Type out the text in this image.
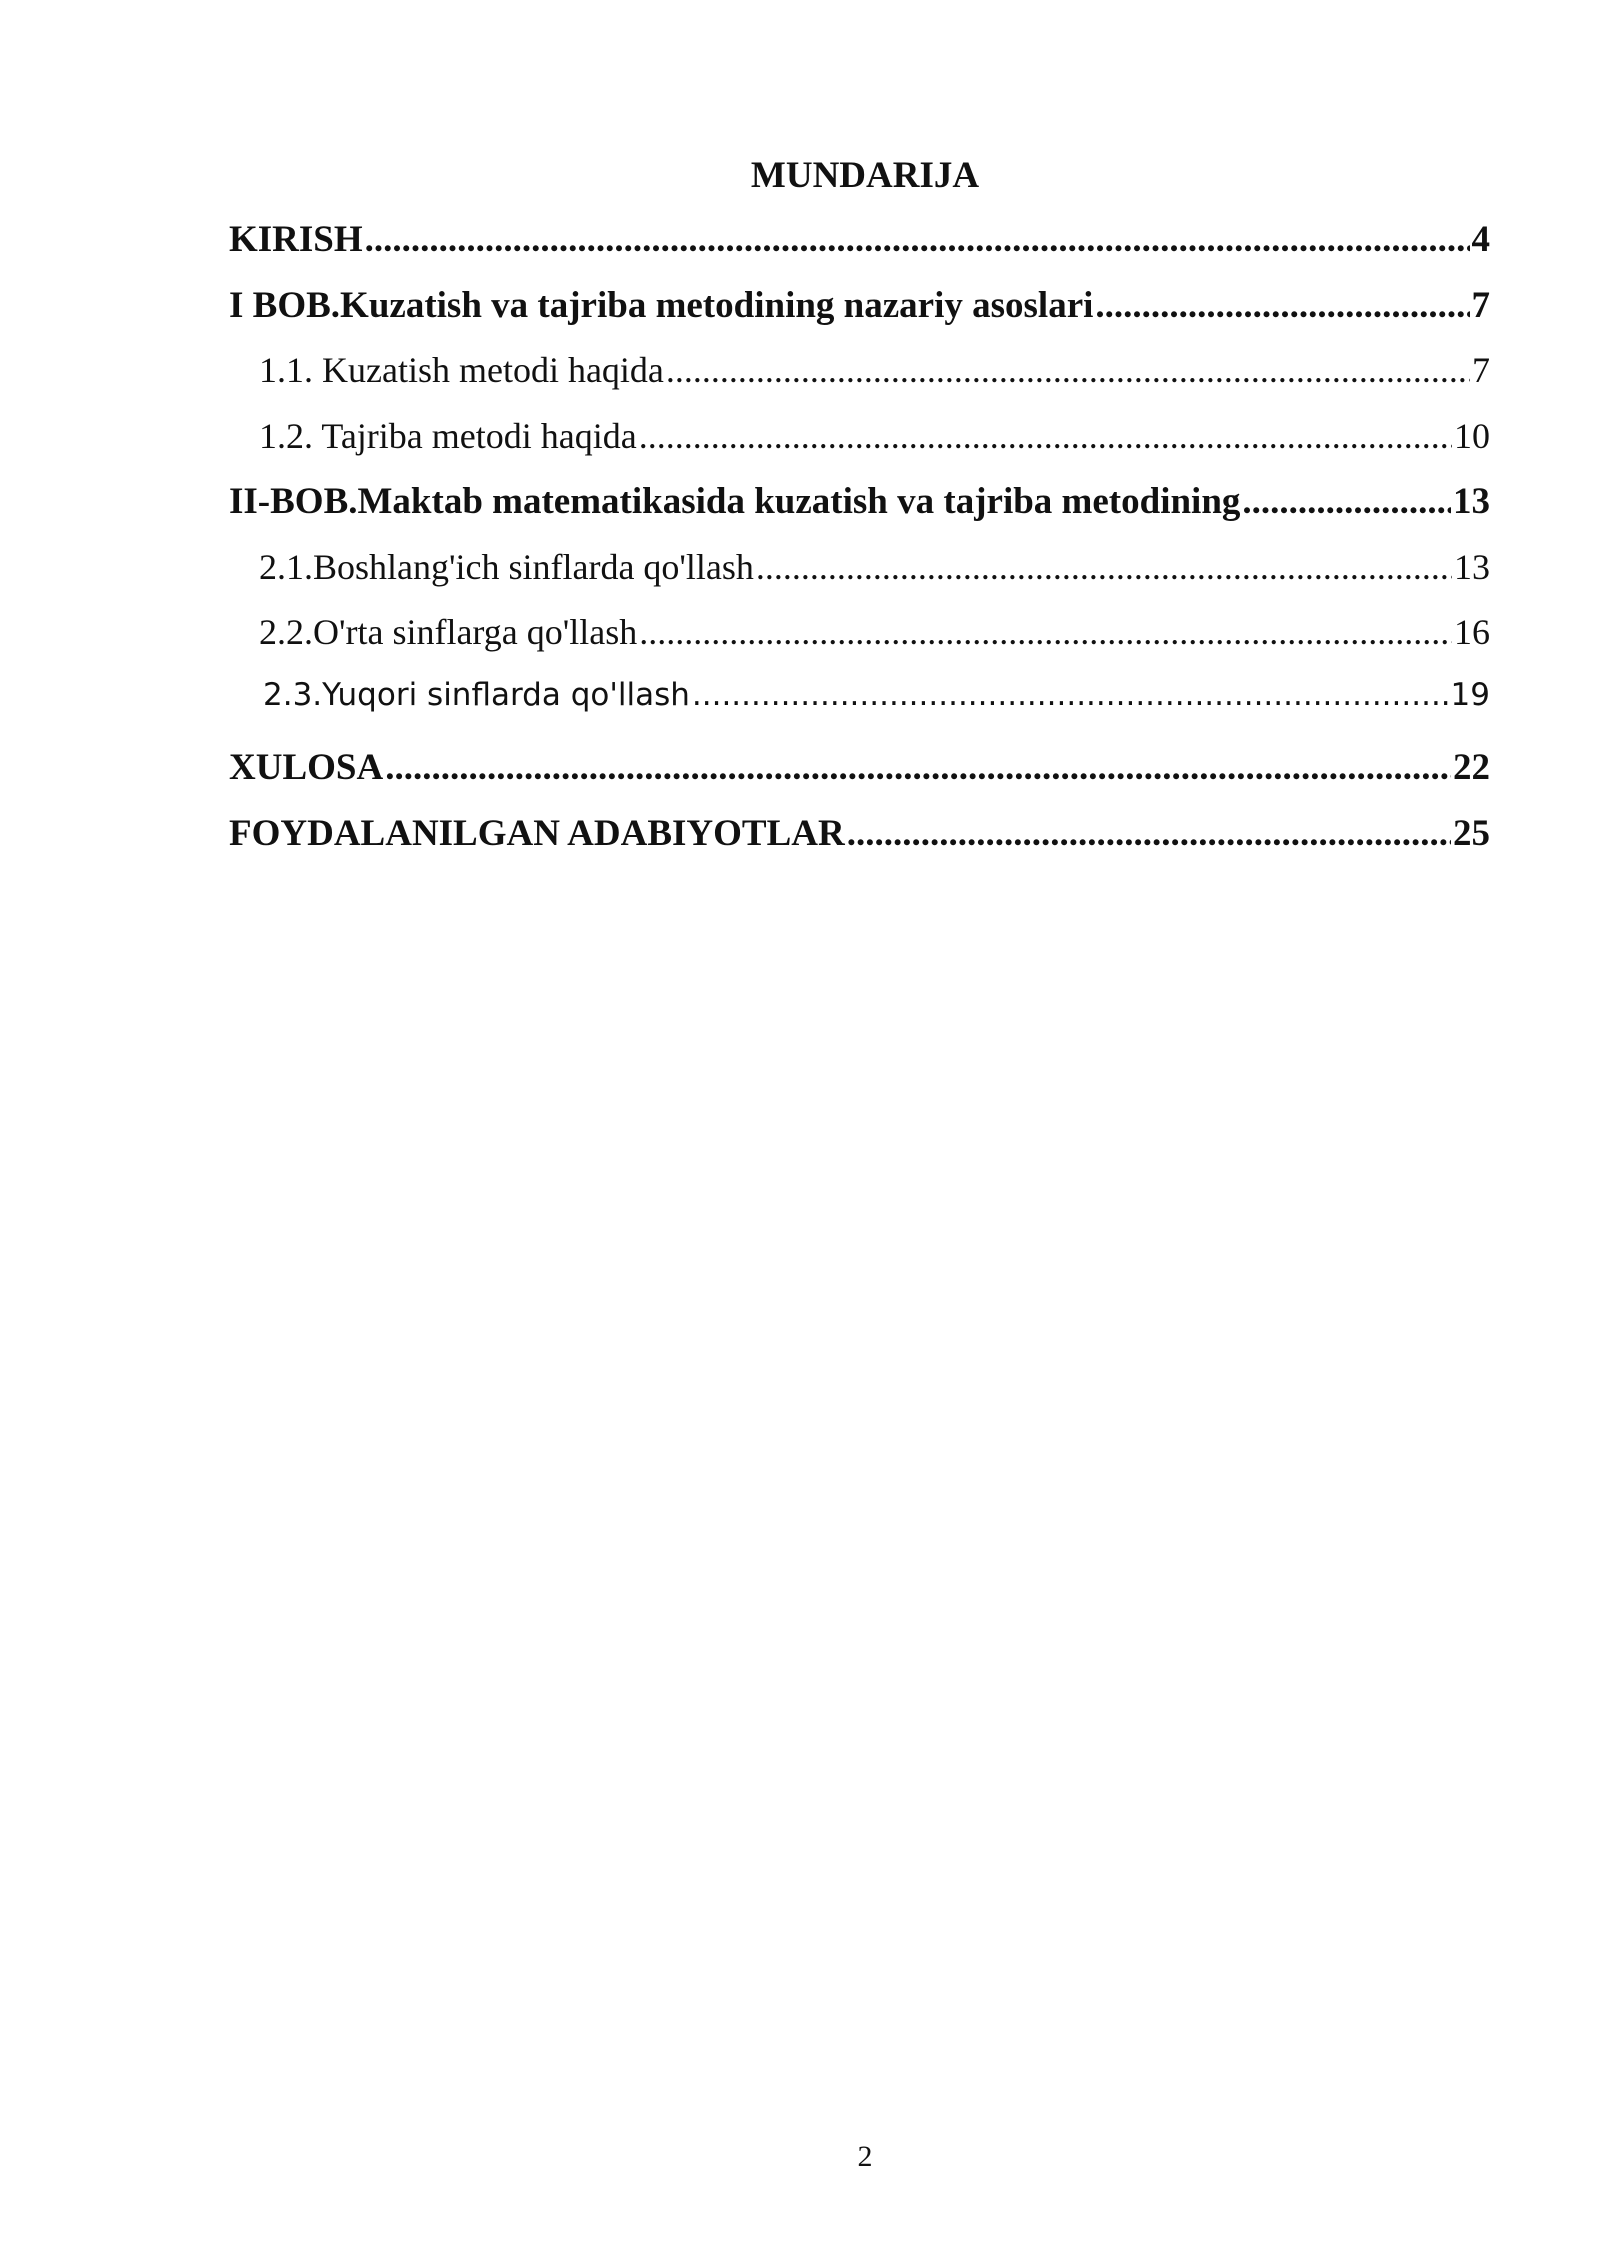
MUNDARIJA
KIRISH .....	4
I BOB.Kuzatish va tajriba metodining nazariy asoslari .....	7
1.1. Kuzatish metodi haqida .....	7
1.2. Tajriba metodi haqida .....	10
II-BOB.Maktab matematikasida kuzatish va tajriba metodining .....	13
2.1.Boshlang'ich sinflarda qo'llash .....	13
2.2.O'rta sinflarga qo'llash .....	16
2.3.Yuqori sinflarda qo'llash .....	19
XULOSA .....	22
FOYDALANILGAN ADABIYOTLAR .....	25
2
